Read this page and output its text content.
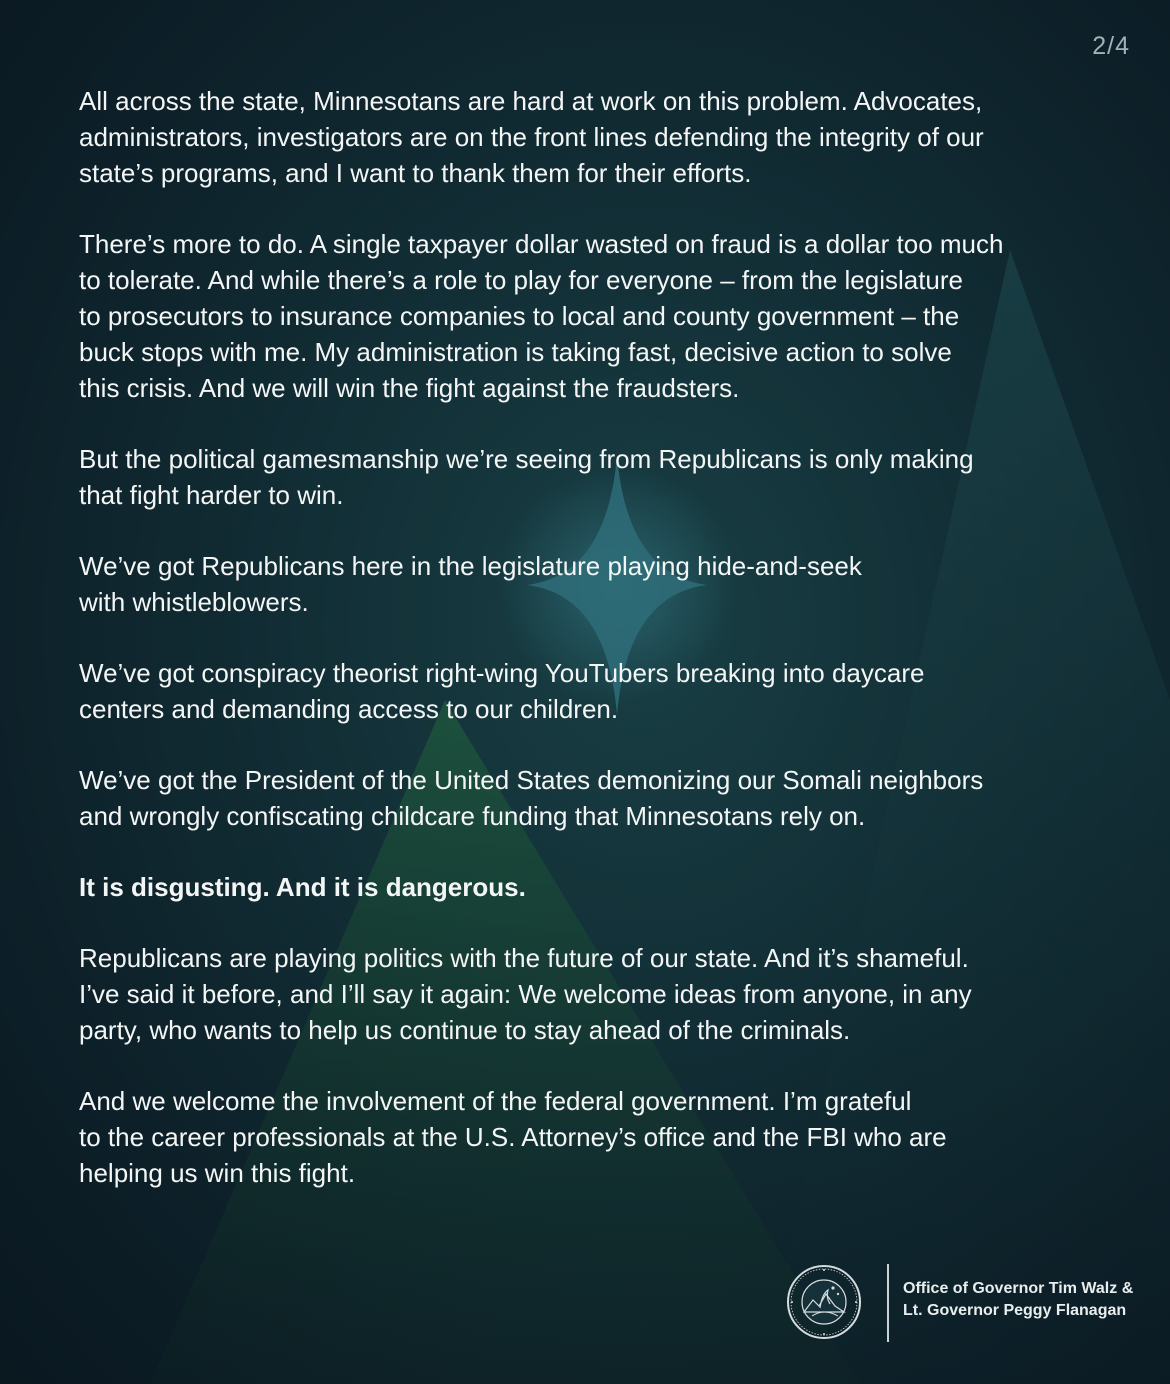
2/4

All across the state, Minnesotans are hard at work on this problem. Advocates,
administrators, investigators are on the front lines defending the integrity of our
state’s programs, and I want to thank them for their efforts.

There’s more to do. A single taxpayer dollar wasted on fraud is a dollar too much
to tolerate. And while there’s a role to play for everyone – from the legislature
to prosecutors to insurance companies to local and county government – the
buck stops with me. My administration is taking fast, decisive action to solve
this crisis. And we will win the fight against the fraudsters.

But the political gamesmanship we’re seeing from Republicans is only making
that fight harder to win.

We’ve got Republicans here in the legislature playing hide-and-seek
with whistleblowers.

We’ve got conspiracy theorist right-wing YouTubers breaking into daycare
centers and demanding access to our children.

We’ve got the President of the United States demonizing our Somali neighbors
and wrongly confiscating childcare funding that Minnesotans rely on.

It is disgusting. And it is dangerous.

Republicans are playing politics with the future of our state. And it’s shameful.
I’ve said it before, and I’ll say it again: We welcome ideas from anyone, in any
party, who wants to help us continue to stay ahead of the criminals.

And we welcome the involvement of the federal government. I’m grateful
to the career professionals at the U.S. Attorney’s office and the FBI who are
helping us win this fight.

Office of Governor Tim Walz &
Lt. Governor Peggy Flanagan
